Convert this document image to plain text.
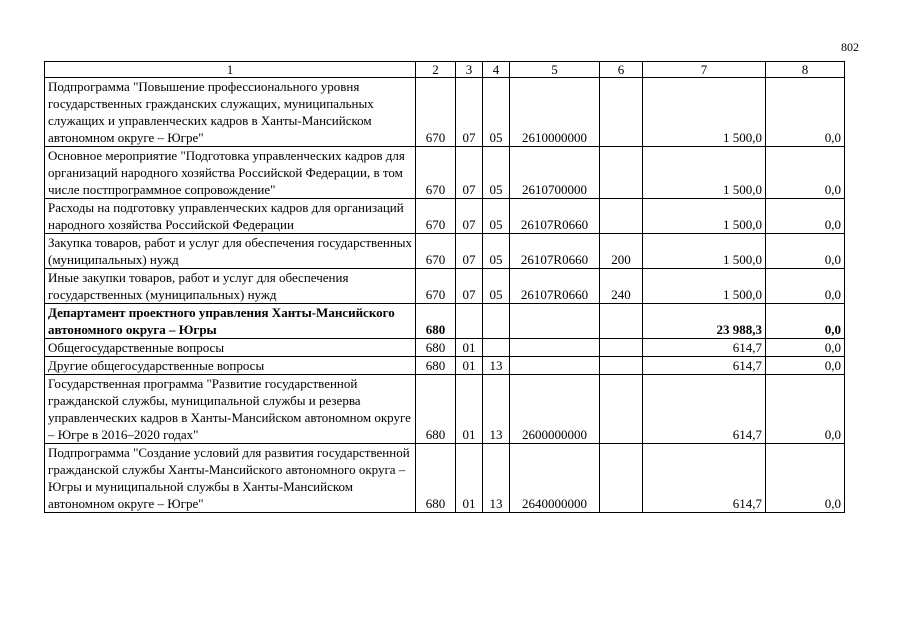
802
1	2	3	4	5	6	7	8
Подпрограмма "Повышение профессионального уровня государственных гражданских служащих, муниципальных служащих и управленческих кадров в Ханты-Мансийском автономном округе – Югре"	670	07	05	2610000000		1 500,0	0,0
Основное мероприятие "Подготовка управленческих кадров для организаций народного хозяйства Российской Федерации, в том числе постпрограммное сопровождение"	670	07	05	2610700000		1 500,0	0,0
Расходы на подготовку управленческих кадров для организаций народного хозяйства Российской Федерации	670	07	05	26107R0660		1 500,0	0,0
Закупка товаров, работ и услуг для обеспечения государственных (муниципальных) нужд	670	07	05	26107R0660	200	1 500,0	0,0
Иные закупки товаров, работ и услуг для обеспечения государственных (муниципальных) нужд	670	07	05	26107R0660	240	1 500,0	0,0
Департамент проектного управления Ханты-Мансийского автономного округа – Югры	680					23 988,3	0,0
Общегосударственные вопросы	680	01				614,7	0,0
Другие общегосударственные вопросы	680	01	13			614,7	0,0
Государственная программа "Развитие государственной гражданской службы, муниципальной службы и резерва управленческих кадров в Ханты-Мансийском автономном округе – Югре в 2016–2020 годах"	680	01	13	2600000000		614,7	0,0
Подпрограмма "Создание условий для развития государственной гражданской службы Ханты-Мансийского автономного округа – Югры и муниципальной службы в Ханты-Мансийском автономном округе – Югре"	680	01	13	2640000000		614,7	0,0
